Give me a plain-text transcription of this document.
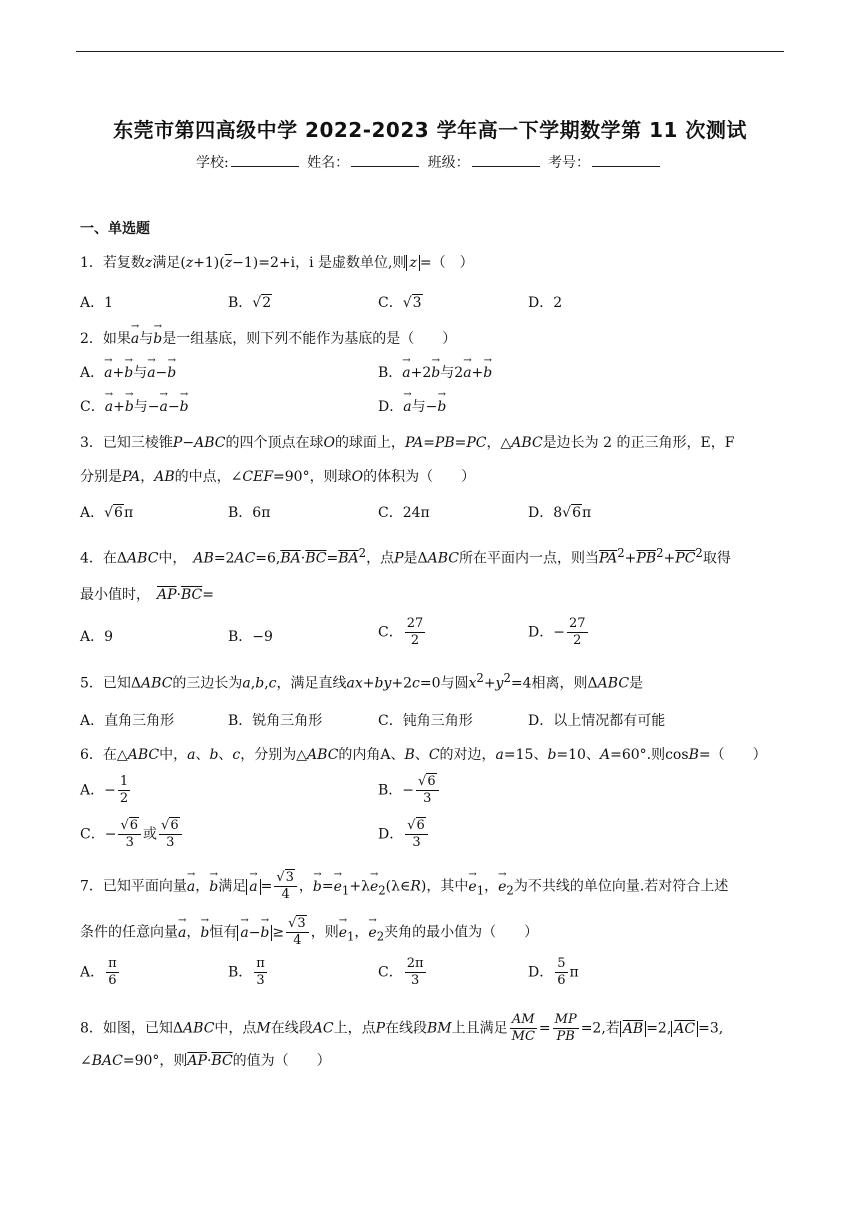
东莞市第四高级中学 2022-2023 学年高一下学期数学第 11 次测试
学校:	姓名：	班级：	考号：
一、单选题
1．若复数z满足$(z+1)(\overline{z}-1)=2+i$，i 是虚数单位,则 z =（　）
A．1	B．√2	C．√3	D．2
2．如果→ a与→ b是一组基底，则下列不能作为基底的是（　　）
A．→ a+→ b与→ a−→ b	B．→ a+2→ b与2→ a+→ b
C．→ a+→ b与−→ a−→ b	D．→ a与−→ b
3．已知三棱锥P−ABC的四个顶点在球O的球面上，PA=PB=PC，△ABC是边长为 2 的正三角形，E，F
分别是PA，AB的中点，∠CEF=90°，则球O的体积为（　　）
A．√6π	B．6π	C．24π	D．8√6π
4．在ΔABC中，　 $AB=2AC=6,\overline{BA}\cdot\overline{BC}=\overline{BA}^2$，点P是ΔABC所在平面内一点，则当$\overline{PA}^2+\overline{PB}^2+\overline{PC}^2$取得
最小值时，　 $\overline{AP}\cdot\overline{BC}=$
A．9	B．−9	C． $\frac{27}{2}$	D．− $\frac{27}{2}$
5．已知ΔABC的三边长为a,b,c，满足直线ax+by+2c=0与圆$x^2+y^2=4$相离，则ΔABC是
A．直角三角形	B．锐角三角形	C．钝角三角形	D．以上情况都有可能
6．在△ABC中，a、b、c，分别为△ABC的内角A、B、C的对边，a=15、b=10、A=60°.则cosB=（　　）
A．− $\frac{1}{2}$	B．− $\frac{√6}{3}$
C．− $\frac{√6}{3}$ 或 $\frac{√6}{3}$	D． $\frac{√6}{3}$
7．已知平面向量→ a，→ b满足 → $a = \frac{√3}{4}$ ，→ $b=\to e_1+\lambda\to$ $e_2(\lambda\in R)$，其中→ $e_1$，→ $e_2$为不共线的单位向量.若对符合上述
条件的任意向量→ a，→ b恒有 → $a-\to b \ge \frac{√3}{4}$ ，则→ $e_1$，→ $e_2$夹角的最小值为（　　）
A． $\frac{\pi}{6}$	B． $\frac{\pi}{3}$	C． $\frac{2\pi}{3}$	D． $\frac{5}{6}$ π
8．如图，已知ΔABC中，点M在线段AC上，点P在线段BM上且满足 $\frac{AM}{MC} = \frac{MP}{PB} =2$,若 $\overline{AB} =2$, $\overline{AC} =3$,
∠BAC=90°，则$\overline{AP}\cdot\overline{BC}$的值为（　　）
